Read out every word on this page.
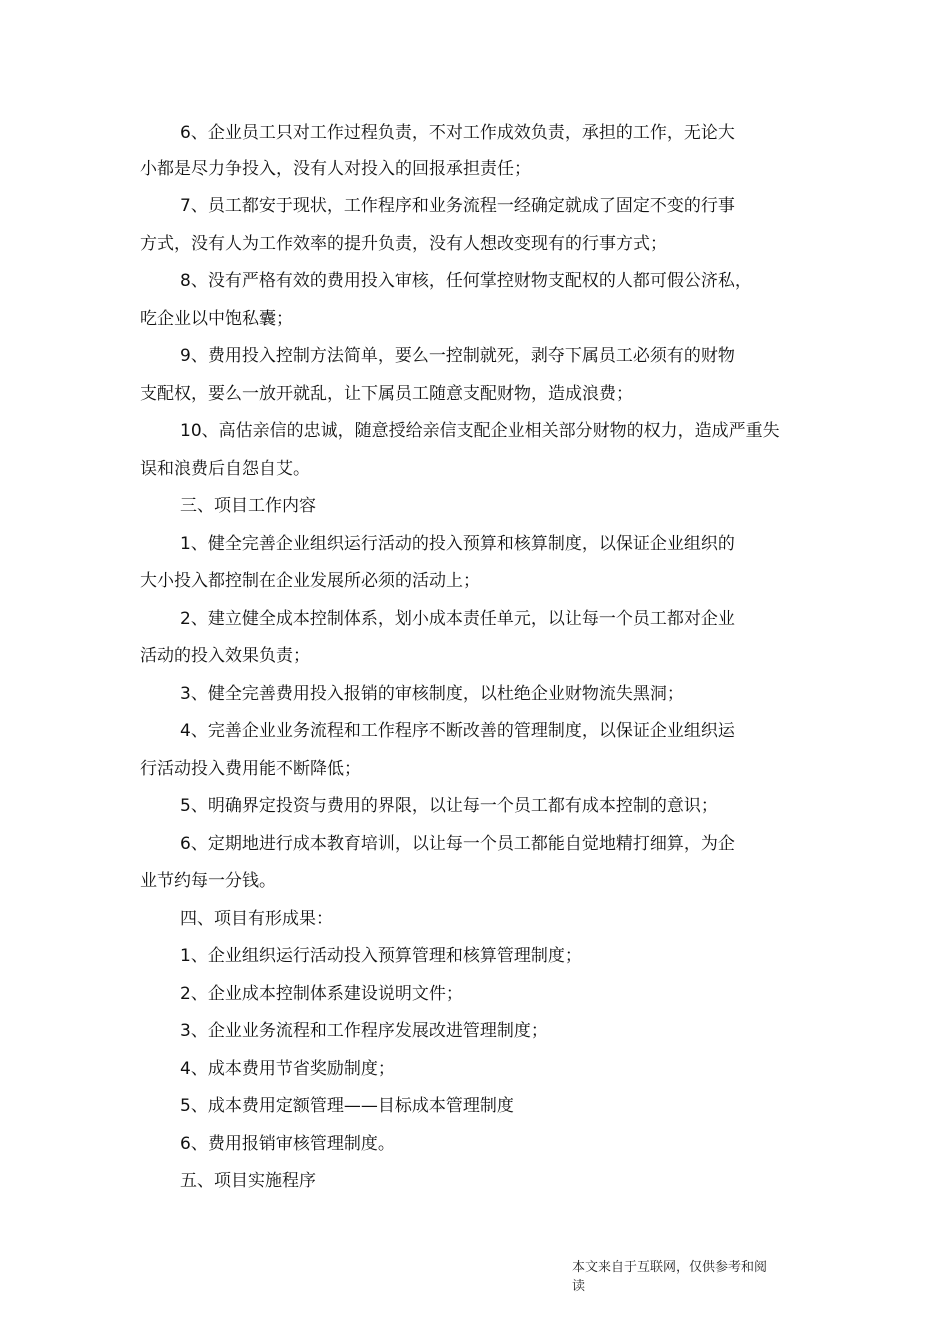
6、企业员工只对工作过程负责，不对工作成效负责，承担的工作，无论大
小都是尽力争投入，没有人对投入的回报承担责任；
7、员工都安于现状，工作程序和业务流程一经确定就成了固定不变的行事
方式，没有人为工作效率的提升负责，没有人想改变现有的行事方式；
8、没有严格有效的费用投入审核，任何掌控财物支配权的人都可假公济私，
吃企业以中饱私囊；
9、费用投入控制方法简单，要么一控制就死，剥夺下属员工必须有的财物
支配权，要么一放开就乱，让下属员工随意支配财物，造成浪费；
10、高估亲信的忠诚，随意授给亲信支配企业相关部分财物的权力，造成严重失
误和浪费后自怨自艾。
三、项目工作内容
1、健全完善企业组织运行活动的投入预算和核算制度，以保证企业组织的
大小投入都控制在企业发展所必须的活动上；
2、建立健全成本控制体系，划小成本责任单元，以让每一个员工都对企业
活动的投入效果负责；
3、健全完善费用投入报销的审核制度，以杜绝企业财物流失黑洞；
4、完善企业业务流程和工作程序不断改善的管理制度，以保证企业组织运
行活动投入费用能不断降低；
5、明确界定投资与费用的界限，以让每一个员工都有成本控制的意识；
6、定期地进行成本教育培训，以让每一个员工都能自觉地精打细算，为企
业节约每一分钱。
四、项目有形成果：
1、企业组织运行活动投入预算管理和核算管理制度；
2、企业成本控制体系建设说明文件；
3、企业业务流程和工作程序发展改进管理制度；
4、成本费用节省奖励制度；
5、成本费用定额管理——目标成本管理制度
6、费用报销审核管理制度。
五、项目实施程序
本文来自于互联网，仅供参考和阅
读
